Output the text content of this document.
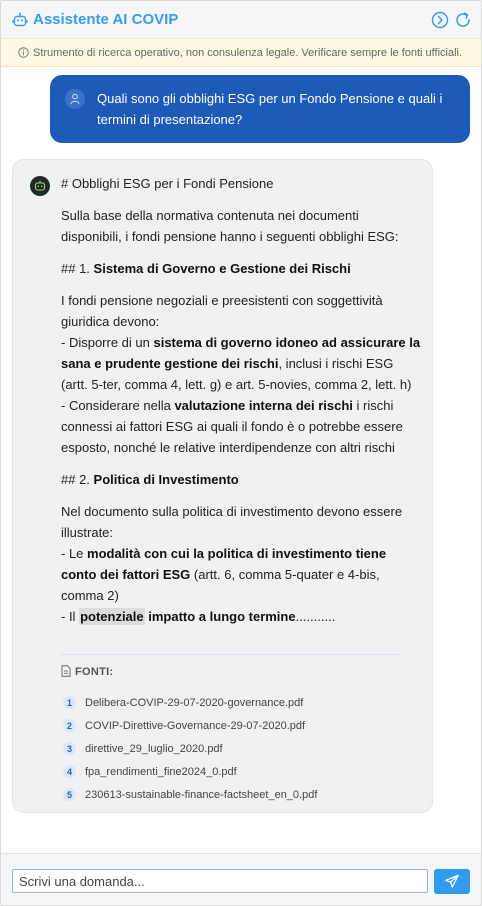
Assistente AI COVIP
Strumento di ricerca operativo, non consulenza legale. Verificare sempre le fonti ufficiali.
Quali sono gli obblighi ESG per un Fondo Pensione e quali i termini di presentazione?

# Obblighi ESG per i Fondi Pensione

Sulla base della normativa contenuta nei documenti disponibili, i fondi pensione hanno i seguenti obblighi ESG:

## 1. Sistema di Governo e Gestione dei Rischi

I fondi pensione negoziali e preesistenti con soggettività giuridica devono:

- Disporre di un sistema di governo idoneo ad assicurare la sana e prudente gestione dei rischi, inclusi i rischi ESG (artt. 5-ter, comma 4, lett. g) e art. 5-novies, comma 2, lett. h)

- Considerare nella valutazione interna dei rischi i rischi connessi ai fattori ESG ai quali il fondo è o potrebbe essere esposto, nonché le relative interdipendenze con altri rischi

## 2. Politica di Investimento

Nel documento sulla politica di investimento devono essere illustrate:

- Le modalità con cui la politica di investimento tiene conto dei fattori ESG (artt. 6, comma 5-quater e 4-bis, comma 2)

- Il potenziale impatto a lungo termine...........

FONTI:
1	Delibera-COVIP-29-07-2020-governance.pdf
2	COVIP-Direttive-Governance-29-07-2020.pdf
3	direttive_29_luglio_2020.pdf
4	fpa_rendimenti_fine2024_0.pdf
5	230613-sustainable-finance-factsheet_en_0.pdf
Scrivi una domanda...
